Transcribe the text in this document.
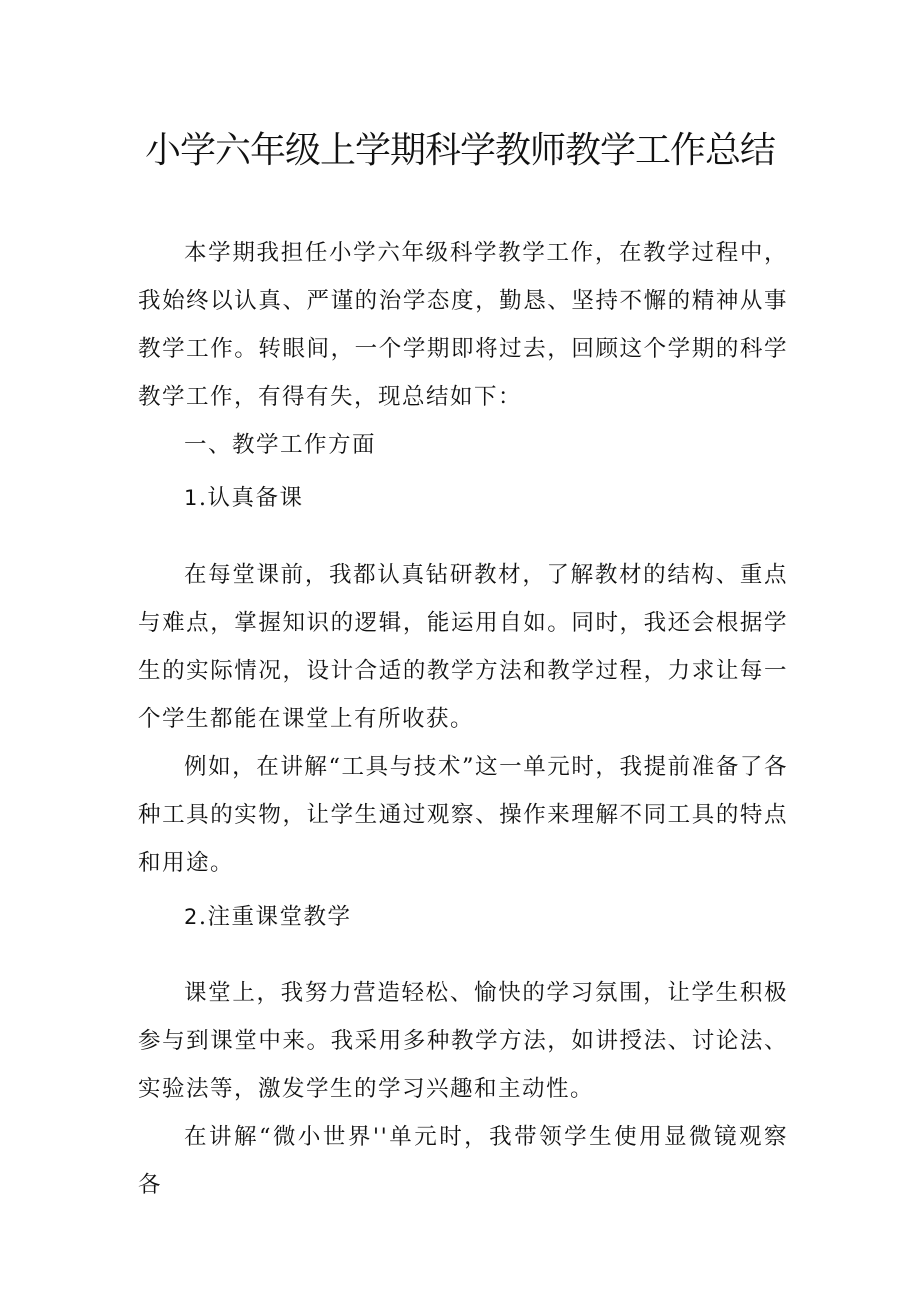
小学六年级上学期科学教师教学工作总结

本学期我担任小学六年级科学教学工作，在教学过程中，我始终以认真、严谨的治学态度，勤恳、坚持不懈的精神从事教学工作。转眼间，一个学期即将过去，回顾这个学期的科学教学工作，有得有失，现总结如下：

一、教学工作方面

1.认真备课

在每堂课前，我都认真钻研教材，了解教材的结构、重点与难点，掌握知识的逻辑，能运用自如。同时，我还会根据学生的实际情况，设计合适的教学方法和教学过程，力求让每一个学生都能在课堂上有所收获。

例如，在讲解“工具与技术”这一单元时，我提前准备了各种工具的实物，让学生通过观察、操作来理解不同工具的特点和用途。

2.注重课堂教学

课堂上，我努力营造轻松、愉快的学习氛围，让学生积极参与到课堂中来。我采用多种教学方法，如讲授法、讨论法、实验法等，激发学生的学习兴趣和主动性。

在讲解“微小世界''单元时，我带领学生使用显微镜观察各
